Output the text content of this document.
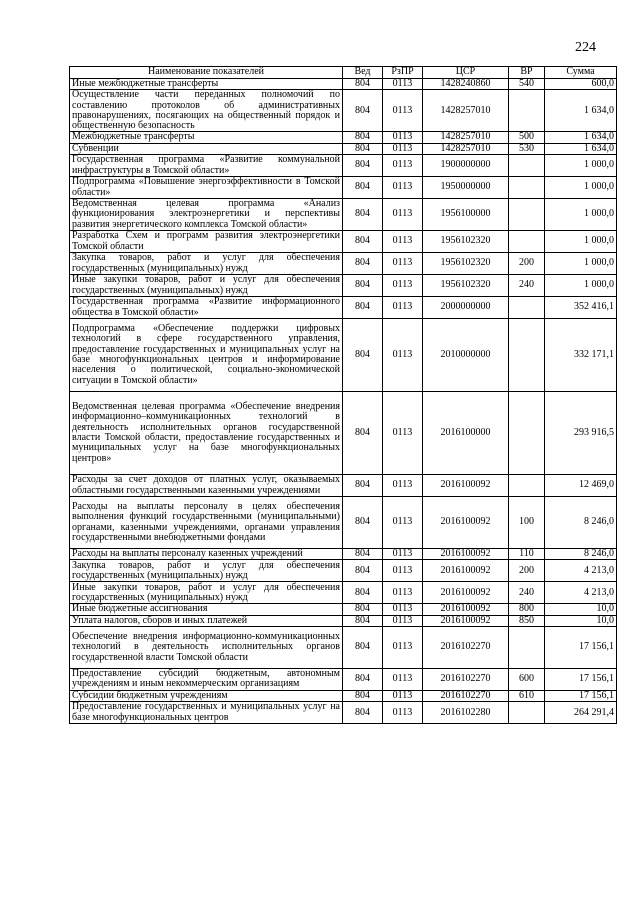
224
Наименование показателей	Вед	РзПР	ЦСР	ВР	Сумма
Иные межбюджетные трансферты	804	0113	1428240860	540	600,0
Осуществление части переданных полномочий по составлению протоколов об административных правонарушениях, посягающих на общественный порядок и общественную безопасность	804	0113	1428257010		1 634,0
Межбюджетные трансферты	804	0113	1428257010	500	1 634,0
Субвенции	804	0113	1428257010	530	1 634,0
Государственная программа «Развитие коммунальной инфраструктуры в Томской области»	804	0113	1900000000		1 000,0
Подпрограмма «Повышение энергоэффективности в Томской области»	804	0113	1950000000		1 000,0
Ведомственная целевая программа «Анализ функционирования электроэнергетики и перспективы развития энергетического комплекса Томской области»	804	0113	1956100000		1 000,0
Разработка Схем и программ развития электроэнергетики Томской области	804	0113	1956102320		1 000,0
Закупка товаров, работ и услуг для обеспечения государственных (муниципальных) нужд	804	0113	1956102320	200	1 000,0
Иные закупки товаров, работ и услуг для обеспечения государственных (муниципальных) нужд	804	0113	1956102320	240	1 000,0
Государственная программа «Развитие информационного общества в Томской области»	804	0113	2000000000		352 416,1
Подпрограмма «Обеспечение поддержки цифровых технологий в сфере государственного управления, предоставление государственных и муниципальных услуг на базе многофункциональных центров и информирование населения о политической, социально-экономической ситуации в Томской области»	804	0113	2010000000		332 171,1
Ведомственная целевая программа «Обеспечение внедрения информационно–коммуникационных технологий в деятельность исполнительных органов государственной власти Томской области, предоставление государственных и муниципальных услуг на базе многофункциональных центров»	804	0113	2016100000		293 916,5
Расходы за счет доходов от платных услуг, оказываемых областными государственными казенными учреждениями	804	0113	2016100092		12 469,0
Расходы на выплаты персоналу в целях обеспечения выполнения функций государственными (муниципальными) органами, казенными учреждениями, органами управления государственными внебюджетными фондами	804	0113	2016100092	100	8 246,0
Расходы на выплаты персоналу казенных учреждений	804	0113	2016100092	110	8 246,0
Закупка товаров, работ и услуг для обеспечения государственных (муниципальных) нужд	804	0113	2016100092	200	4 213,0
Иные закупки товаров, работ и услуг для обеспечения государственных (муниципальных) нужд	804	0113	2016100092	240	4 213,0
Иные бюджетные ассигнования	804	0113	2016100092	800	10,0
Уплата налогов, сборов и иных платежей	804	0113	2016100092	850	10,0
Обеспечение внедрения информационно-коммуникационных технологий в деятельность исполнительных органов государственной власти Томской области	804	0113	2016102270		17 156,1
Предоставление субсидий бюджетным, автономным учреждениям и иным некоммерческим организациям	804	0113	2016102270	600	17 156,1
Субсидии бюджетным учреждениям	804	0113	2016102270	610	17 156,1
Предоставление государственных и муниципальных услуг на базе многофункциональных центров	804	0113	2016102280		264 291,4
